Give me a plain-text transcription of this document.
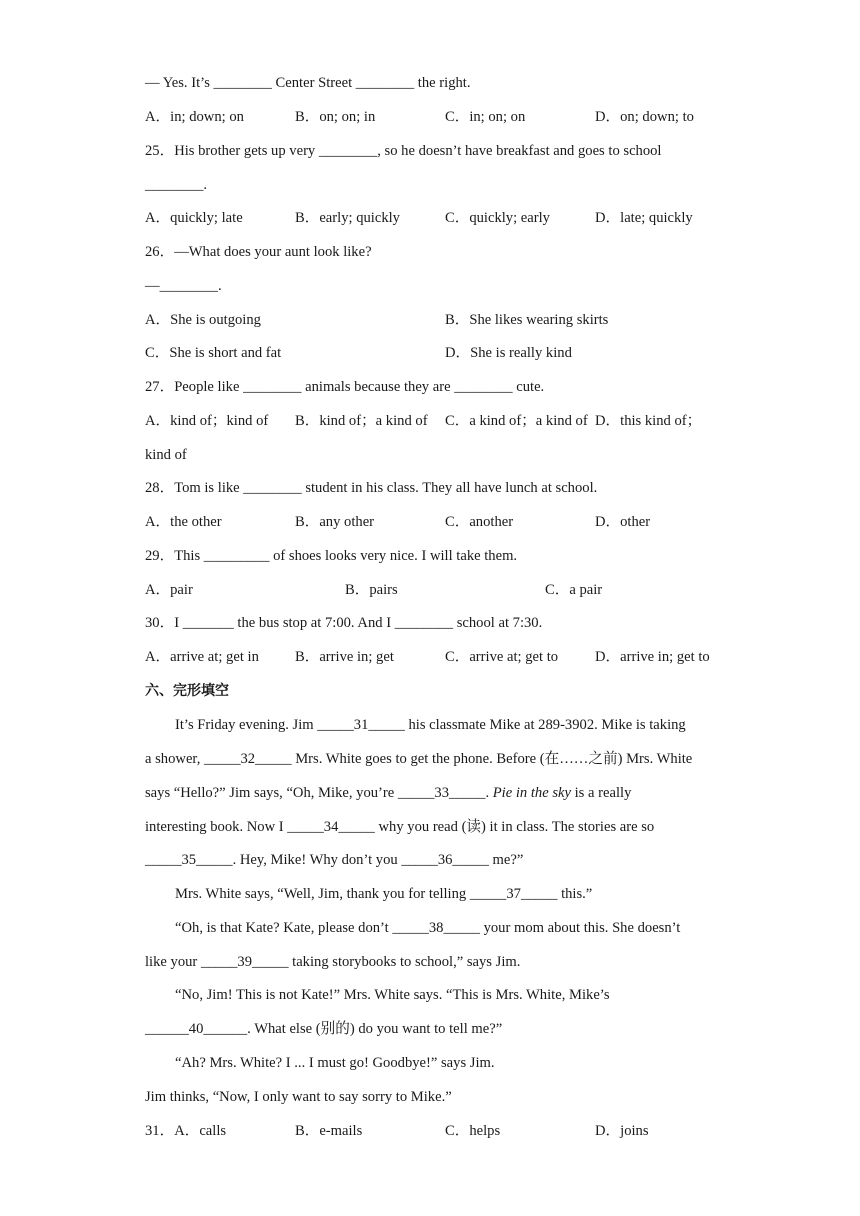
— Yes. It’s ________ Center Street ________ the right.
A．in; down; on	B．on; on; in	C．in; on; on	D．on; down; to
25．His brother gets up very ________, so he doesn’t have breakfast and goes to school
________.
A．quickly; late	B．early; quickly	C．quickly; early	D．late; quickly
26．—What does your aunt look like?
—________.
A．She is outgoing	B．She likes wearing skirts
C．She is short and fat	D．She is really kind
27．People like ________ animals because they are ________ cute.
A．kind of；kind of B．kind of；a kind of C．a kind of；a kind of D．this kind of；
kind of
28．Tom is like ________ student in his class. They all have lunch at school.
A．the other	B．any other	C．another	D．other
29．This _________ of shoes looks very nice. I will take them.
A．pair	B．pairs	C．a pair
30．I _______ the bus stop at 7:00. And I ________ school at 7:30.
A．arrive at; get in B．arrive in; get	C．arrive at; get to	D．arrive in; get to
六、完形填空
It’s Friday evening. Jim _____31_____ his classmate Mike at 289-3902. Mike is taking
a shower, _____32_____ Mrs. White goes to get the phone. Before (在……之前) Mrs. White
says “Hello?” Jim says, “Oh, Mike, you’re _____33_____. Pie in the sky is a really
interesting book. Now I _____34_____ why you read (读) it in class. The stories are so
_____35_____. Hey, Mike! Why don’t you _____36_____ me?”
Mrs. White says, “Well, Jim, thank you for telling _____37_____ this.”
“Oh, is that Kate? Kate, please don’t _____38_____ your mom about this. She doesn’t
like your _____39_____ taking storybooks to school,” says Jim.
“No, Jim! This is not Kate!” Mrs. White says. “This is Mrs. White, Mike’s
______40______. What else (别的) do you want to tell me?”
“Ah? Mrs. White? I ... I must go! Goodbye!” says Jim.
Jim thinks, “Now, I only want to say sorry to Mike.”
31．A．calls	B．e-mails	C．helps	D．joins
